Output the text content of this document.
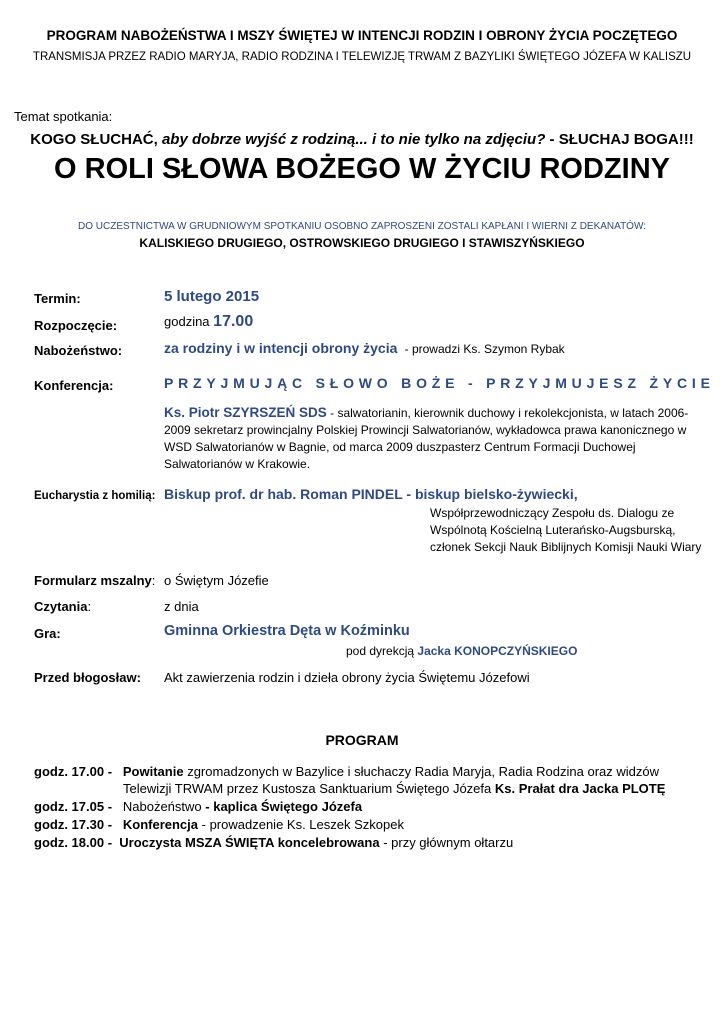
PROGRAM NABOŻEŃSTWA I MSZY ŚWIĘTEJ W INTENCJI RODZIN I OBRONY ŻYCIA POCZĘTEGO
TRANSMISJA PRZEZ RADIO MARYJA, RADIO RODZINA I TELEWIZJĘ TRWAM Z BAZYLIKI ŚWIĘTEGO JÓZEFA W KALISZU
Temat spotkania:
KOGO SŁUCHAĆ, aby dobrze wyjść z rodziną... i to nie tylko na zdjęciu? - SŁUCHAJ BOGA!!!
O ROLI SŁOWA BOŻEGO W ŻYCIU RODZINY
DO UCZESTNICTWA W GRUDNIOWYM SPOTKANIU OSOBNO ZAPROSZENI ZOSTALI KAPŁANI I WIERNI Z DEKANATÓW:
KALISKIEGO DRUGIEGO, OSTROWSKIEGO DRUGIEGO I STAWISZYŃSKIEGO
Termin:	5 lutego 2015
Rozpoczęcie:	godzina 17.00
Nabożeństwo:	za rodziny i w intencji obrony życia - prowadzi Ks. Szymon Rybak
Konferencja:	PRZYJMUJĄC SŁOWO BOŻE - PRZYJMUJESZ ŻYCIE
Ks. Piotr SZYRSZEŃ SDS - salwatorianin, kierownik duchowy i rekolekcjonista, w latach 2006-2009 sekretarz prowincjalny Polskiej Prowincji Salwatorianów, wykładowca prawa kanonicznego w WSD Salwatorianów w Bagnie, od marca 2009 duszpasterz Centrum Formacji Duchowej Salwatorianów w Krakowie.
Eucharystia z homilią: Biskup prof. dr hab. Roman PINDEL - biskup bielsko-żywiecki,
Współprzewodniczący Zespołu ds. Dialogu ze
Wspólnotą Kościelną Luterańsko-Augsburską,
członek Sekcji Nauk Biblijnych Komisji Nauki Wiary
Formularz mszalny: o Świętym Józefie
Czytania:	z dnia
Gra:	Gminna Orkiestra Dęta w Koźminku
pod dyrekcją Jacka KONOPCZYŃSKIEGO
Przed błogosław: Akt zawierzenia rodzin i dzieła obrony życia Świętemu Józefowi
PROGRAM
godz. 17.00 - Powitanie zgromadzonych w Bazylice i słuchaczy Radia Maryja, Radia Rodzina oraz widzów
Telewizji TRWAM przez Kustosza Sanktuarium Świętego Józefa Ks. Prałat dra Jacka PLOTĘ
godz. 17.05 - Nabożeństwo - kaplica Świętego Józefa
godz. 17.30 - Konferencja - prowadzenie Ks. Leszek Szkopek
godz. 18.00 - Uroczysta MSZA ŚWIĘTA koncelebrowana - przy głównym ołtarzu
